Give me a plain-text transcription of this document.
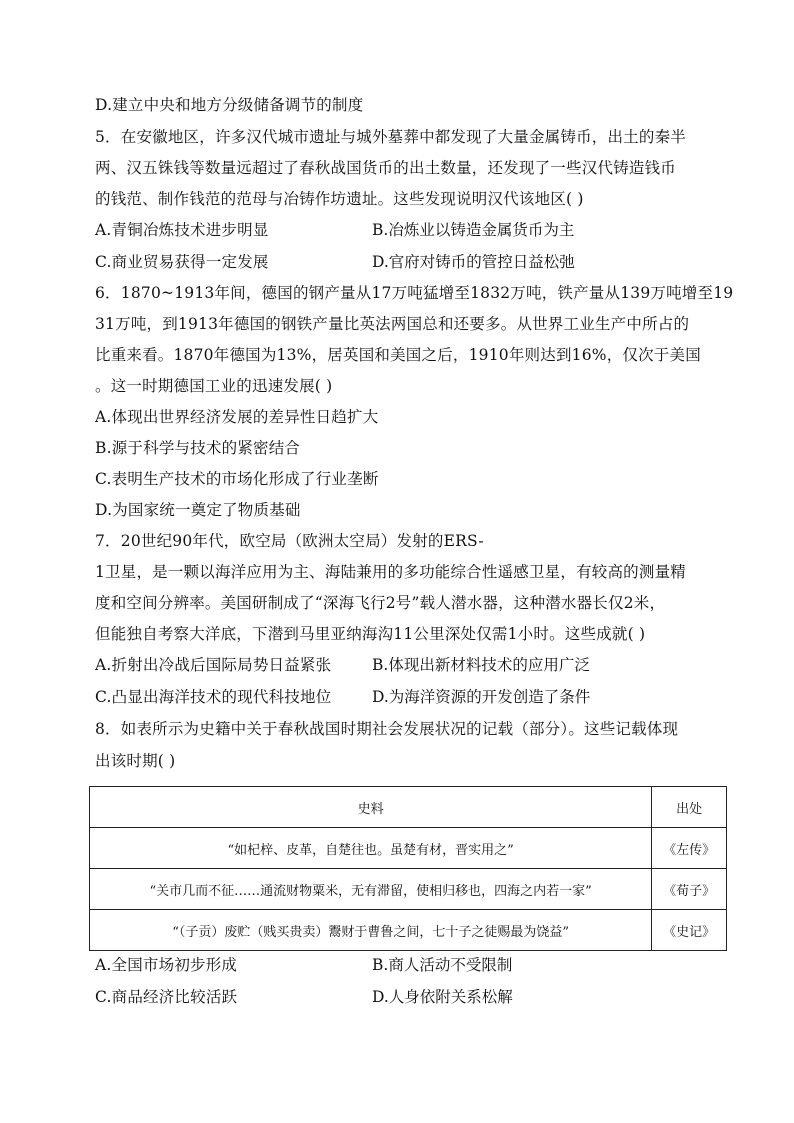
D.建立中央和地方分级储备调节的制度
5．在安徽地区，许多汉代城市遗址与城外墓葬中都发现了大量金属铸币，出土的秦半
两、汉五铢钱等数量远超过了春秋战国货币的出土数量，还发现了一些汉代铸造钱币
的钱范、制作钱范的范母与冶铸作坊遗址。这些发现说明汉代该地区( )
A.青铜冶炼技术进步明显	B.冶炼业以铸造金属货币为主
C.商业贸易获得一定发展	D.官府对铸币的管控日益松弛
6．1870~1913年间，德国的钢产量从17万吨猛增至1832万吨，铁产量从139万吨增至19
31万吨，到1913年德国的钢铁产量比英法两国总和还要多。从世界工业生产中所占的
比重来看。1870年德国为13%，居英国和美国之后，1910年则达到16%，仅次于美国
。这一时期德国工业的迅速发展( )
A.体现出世界经济发展的差异性日趋扩大
B.源于科学与技术的紧密结合
C.表明生产技术的市场化形成了行业垄断
D.为国家统一奠定了物质基础
7．20世纪90年代，欧空局（欧洲太空局）发射的ERS-
1卫星，是一颗以海洋应用为主、海陆兼用的多功能综合性遥感卫星，有较高的测量精
度和空间分辨率。美国研制成了“深海飞行2号”载人潜水器，这种潜水器长仅2米，
但能独自考察大洋底，下潜到马里亚纳海沟11公里深处仅需1小时。这些成就( )
A.折射出冷战后国际局势日益紧张	B.体现出新材料技术的应用广泛
C.凸显出海洋技术的现代科技地位	D.为海洋资源的开发创造了条件
8．如表所示为史籍中关于春秋战国时期社会发展状况的记载（部分）。这些记载体现
出该时期( )
史料	出处
“如杞梓、皮革，自楚往也。虽楚有材，晋实用之”	《左传》
“关市几而不征……通流财物粟米，无有滞留，使相归移也，四海之内若一家”	《荀子》
“（子贡）废贮（贱买贵卖）鬻财于曹鲁之间，七十子之徒赐最为饶益”	《史记》
A.全国市场初步形成	B.商人活动不受限制
C.商品经济比较活跃	D.人身依附关系松解
